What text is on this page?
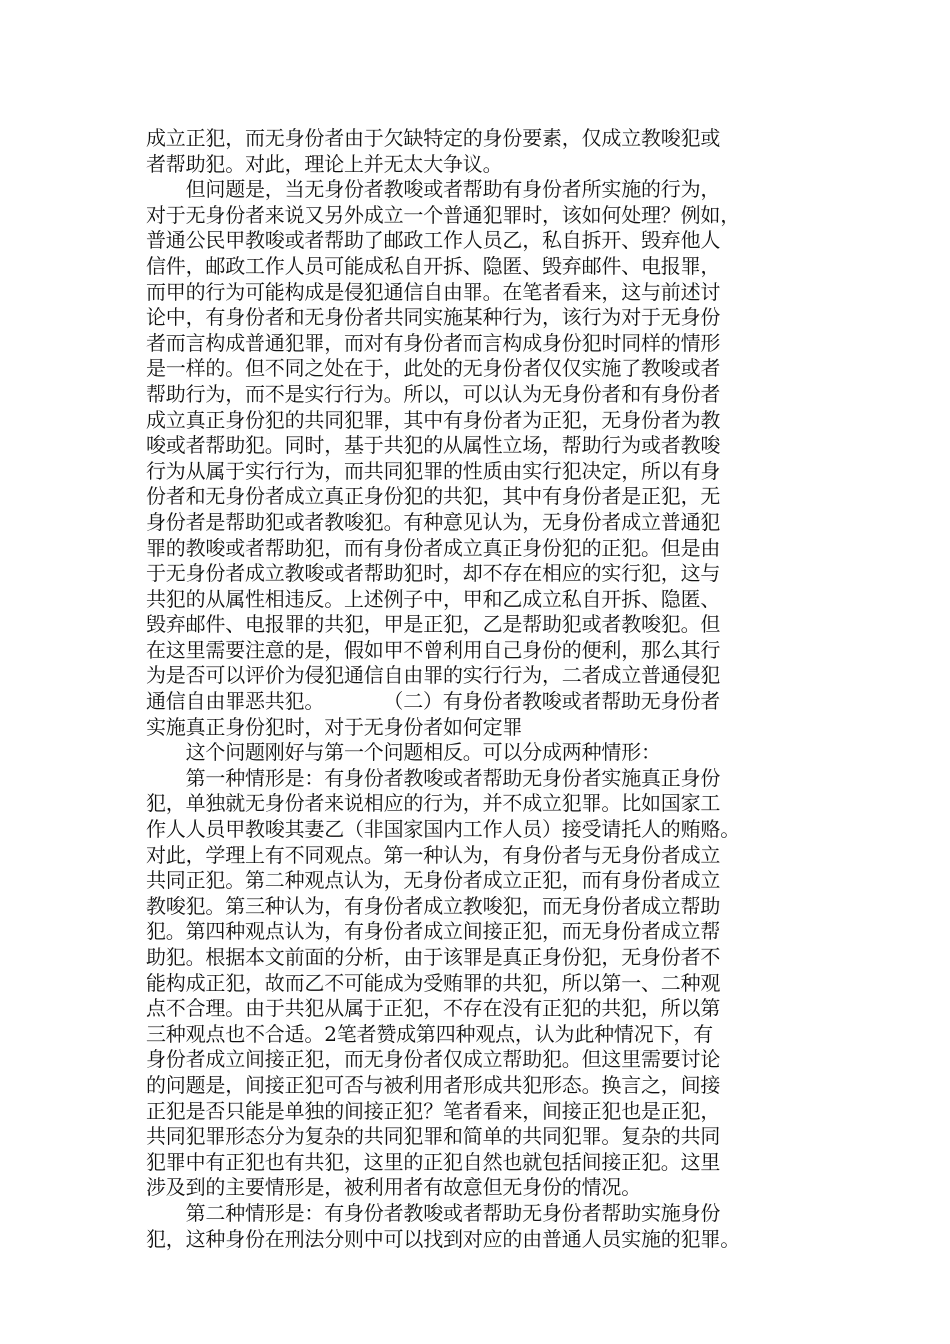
成立正犯，而无身份者由于欠缺特定的身份要素，仅成立教唆犯或
者帮助犯。对此，理论上并无太大争议。
　　但问题是，当无身份者教唆或者帮助有身份者所实施的行为，
对于无身份者来说又另外成立一个普通犯罪时，该如何处理？例如，
普通公民甲教唆或者帮助了邮政工作人员乙，私自拆开、毁弃他人
信件，邮政工作人员可能成私自开拆、隐匿、毁弃邮件、电报罪，
而甲的行为可能构成是侵犯通信自由罪。在笔者看来，这与前述讨
论中，有身份者和无身份者共同实施某种行为，该行为对于无身份
者而言构成普通犯罪，而对有身份者而言构成身份犯时同样的情形
是一样的。但不同之处在于，此处的无身份者仅仅实施了教唆或者
帮助行为，而不是实行行为。所以，可以认为无身份者和有身份者
成立真正身份犯的共同犯罪，其中有身份者为正犯，无身份者为教
唆或者帮助犯。同时，基于共犯的从属性立场，帮助行为或者教唆
行为从属于实行行为，而共同犯罪的性质由实行犯决定，所以有身
份者和无身份者成立真正身份犯的共犯，其中有身份者是正犯，无
身份者是帮助犯或者教唆犯。有种意见认为，无身份者成立普通犯
罪的教唆或者帮助犯，而有身份者成立真正身份犯的正犯。但是由
于无身份者成立教唆或者帮助犯时，却不存在相应的实行犯，这与
共犯的从属性相违反。上述例子中，甲和乙成立私自开拆、隐匿、
毁弃邮件、电报罪的共犯，甲是正犯，乙是帮助犯或者教唆犯。但
在这里需要注意的是，假如甲不曾利用自己身份的便利，那么其行
为是否可以评价为侵犯通信自由罪的实行行为，二者成立普通侵犯
通信自由罪恶共犯。　　　　（二）有身份者教唆或者帮助无身份者
实施真正身份犯时，对于无身份者如何定罪
　　这个问题刚好与第一个问题相反。可以分成两种情形：
　　第一种情形是：有身份者教唆或者帮助无身份者实施真正身份
犯，单独就无身份者来说相应的行为，并不成立犯罪。比如国家工
作人人员甲教唆其妻乙（非国家国内工作人员）接受请托人的贿赂。
对此，学理上有不同观点。第一种认为，有身份者与无身份者成立
共同正犯。第二种观点认为，无身份者成立正犯，而有身份者成立
教唆犯。第三种认为，有身份者成立教唆犯，而无身份者成立帮助
犯。第四种观点认为，有身份者成立间接正犯，而无身份者成立帮
助犯。根据本文前面的分析，由于该罪是真正身份犯，无身份者不
能构成正犯，故而乙不可能成为受贿罪的共犯，所以第一、二种观
点不合理。由于共犯从属于正犯，不存在没有正犯的共犯，所以第
三种观点也不合适。2笔者赞成第四种观点，认为此种情况下，有
身份者成立间接正犯，而无身份者仅成立帮助犯。但这里需要讨论
的问题是，间接正犯可否与被利用者形成共犯形态。换言之，间接
正犯是否只能是单独的间接正犯？笔者看来，间接正犯也是正犯，
共同犯罪形态分为复杂的共同犯罪和简单的共同犯罪。复杂的共同
犯罪中有正犯也有共犯，这里的正犯自然也就包括间接正犯。这里
涉及到的主要情形是，被利用者有故意但无身份的情况。
　　第二种情形是：有身份者教唆或者帮助无身份者帮助实施身份
犯，这种身份在刑法分则中可以找到对应的由普通人员实施的犯罪。
